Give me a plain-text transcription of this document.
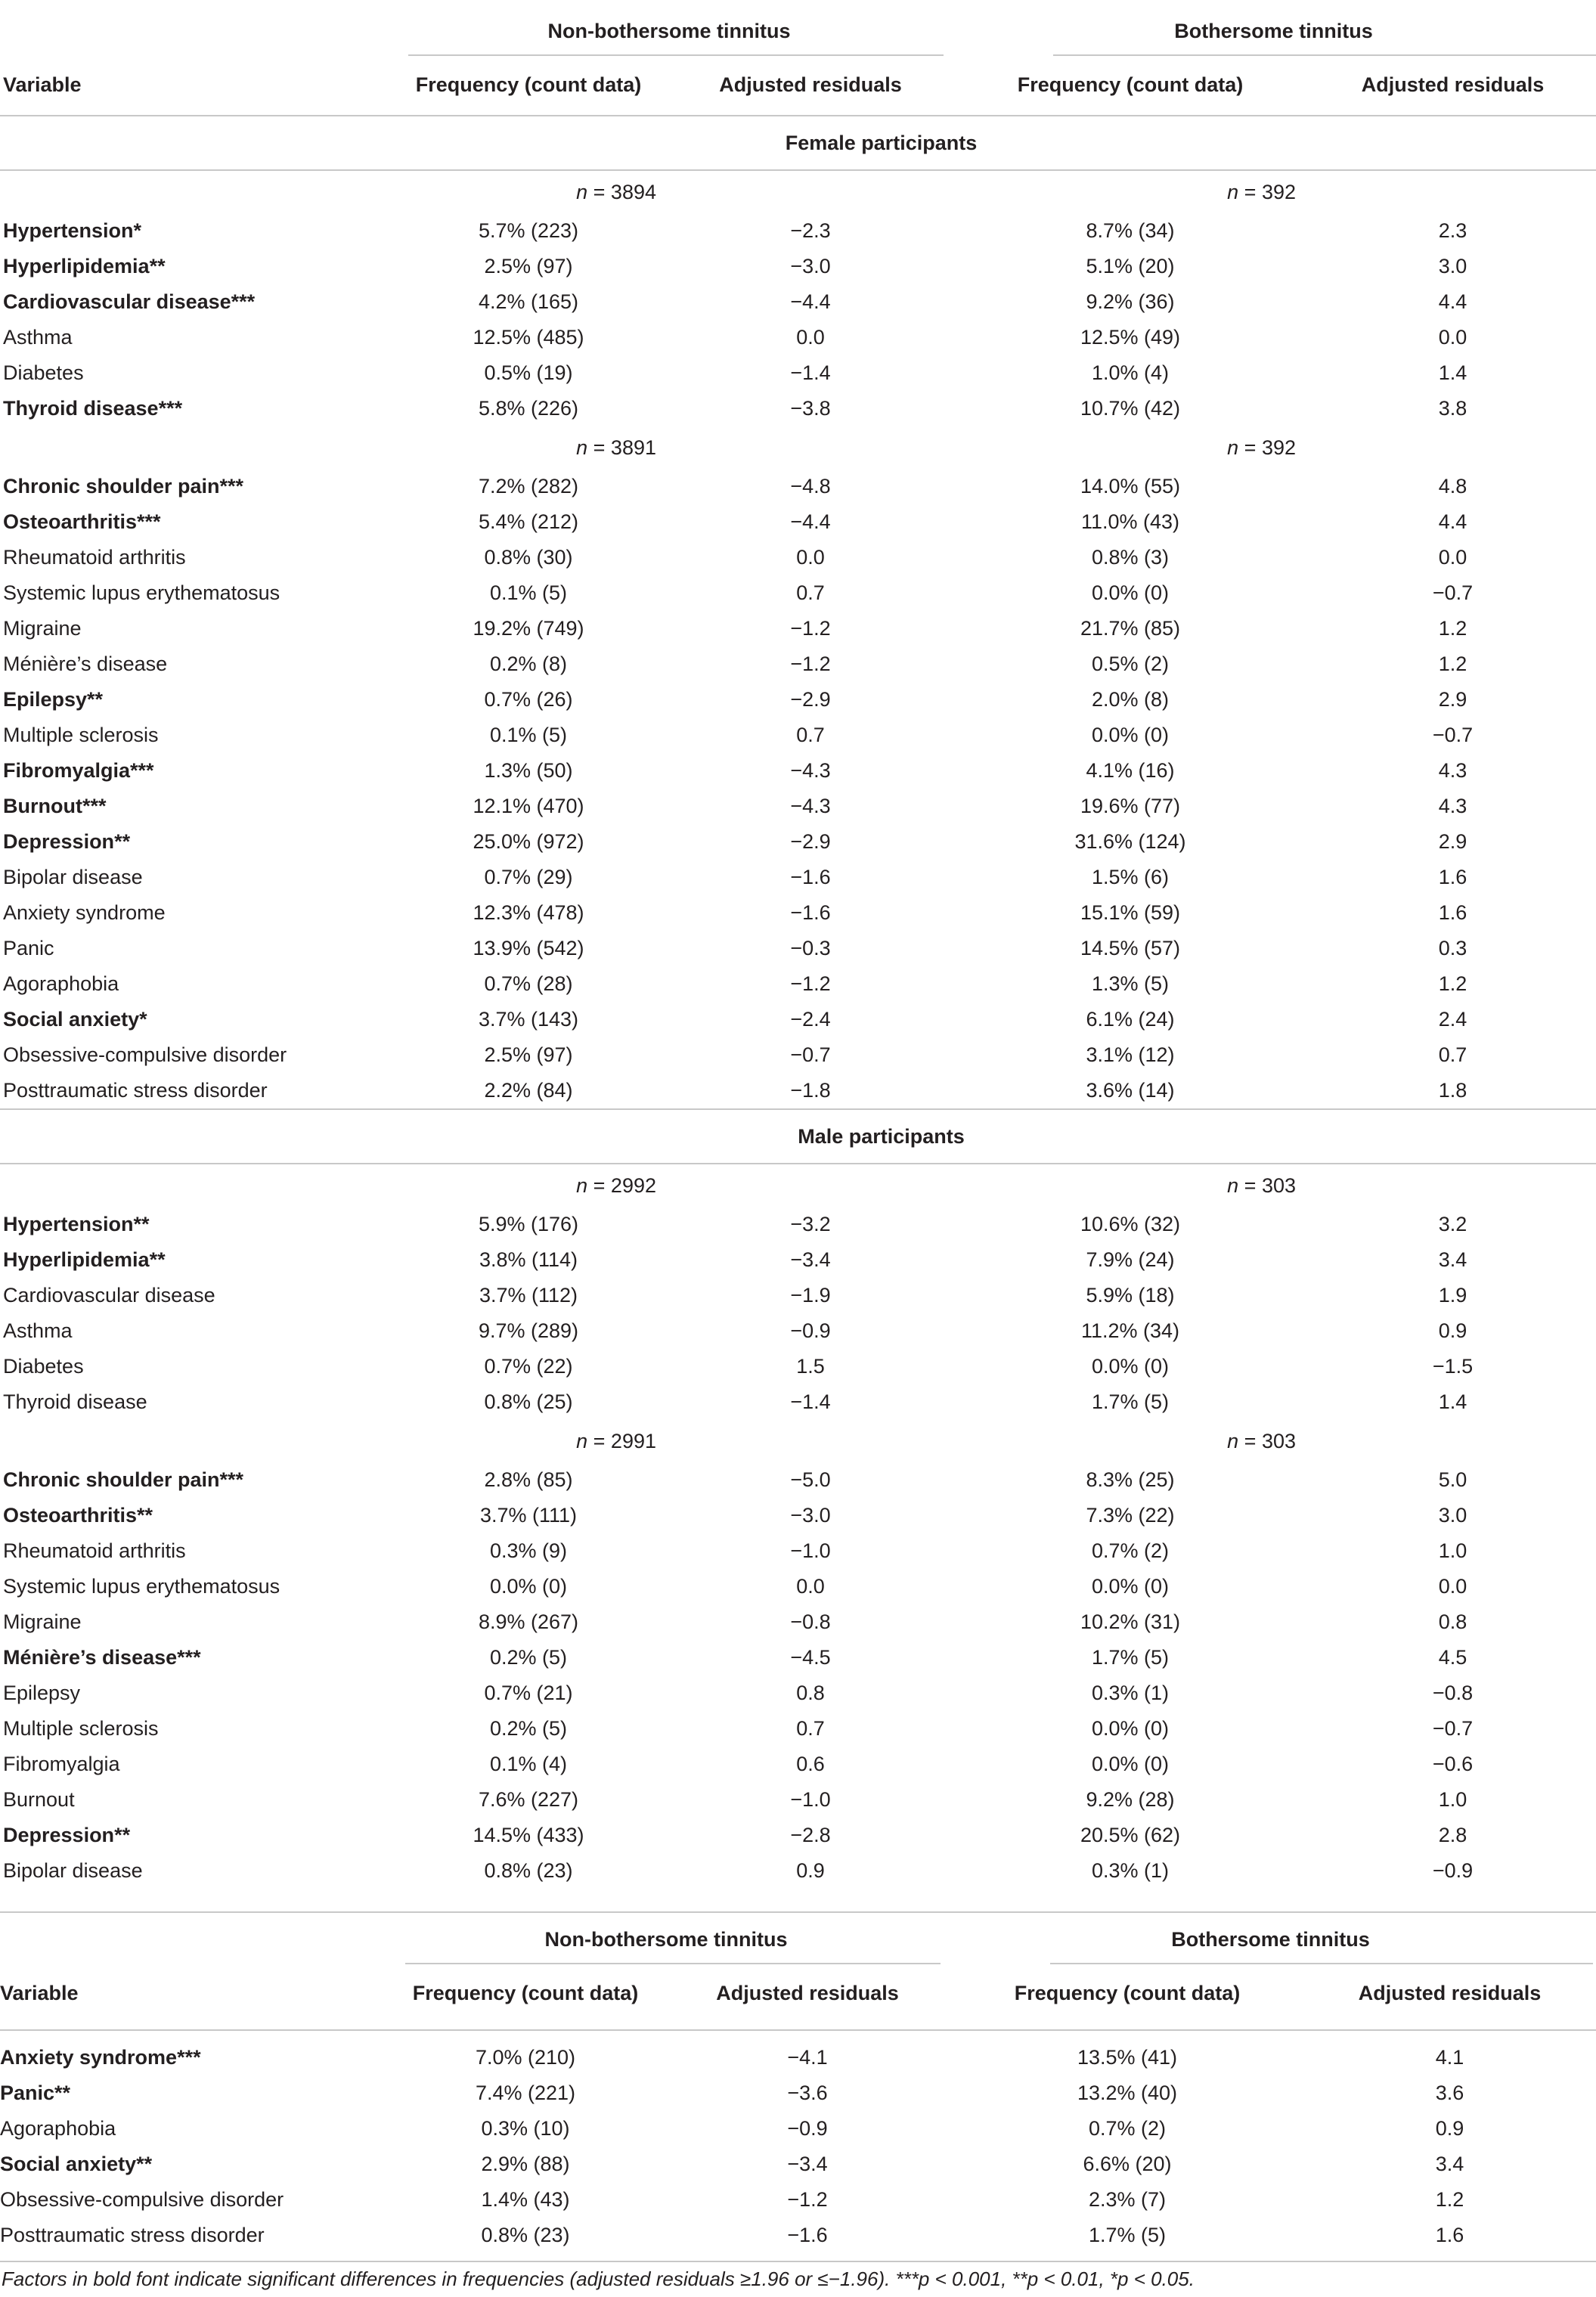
	Non-bothersome tinnitus		Bothersome tinnitus	
Variable	Frequency (count data)	Adjusted residuals	Frequency (count data)	Adjusted residuals
Female participants				
	n = 3894		n = 392	
Hypertension*	5.7% (223)	−2.3	8.7% (34)	2.3
Hyperlipidemia**	2.5% (97)	−3.0	5.1% (20)	3.0
Cardiovascular disease***	4.2% (165)	−4.4	9.2% (36)	4.4
Asthma	12.5% (485)	0.0	12.5% (49)	0.0
Diabetes	0.5% (19)	−1.4	1.0% (4)	1.4
Thyroid disease***	5.8% (226)	−3.8	10.7% (42)	3.8
	n = 3891		n = 392	
Chronic shoulder pain***	7.2% (282)	−4.8	14.0% (55)	4.8
Osteoarthritis***	5.4% (212)	−4.4	11.0% (43)	4.4
Rheumatoid arthritis	0.8% (30)	0.0	0.8% (3)	0.0
Systemic lupus erythematosus	0.1% (5)	0.7	0.0% (0)	−0.7
Migraine	19.2% (749)	−1.2	21.7% (85)	1.2
Ménière’s disease	0.2% (8)	−1.2	0.5% (2)	1.2
Epilepsy**	0.7% (26)	−2.9	2.0% (8)	2.9
Multiple sclerosis	0.1% (5)	0.7	0.0% (0)	−0.7
Fibromyalgia***	1.3% (50)	−4.3	4.1% (16)	4.3
Burnout***	12.1% (470)	−4.3	19.6% (77)	4.3
Depression**	25.0% (972)	−2.9	31.6% (124)	2.9
Bipolar disease	0.7% (29)	−1.6	1.5% (6)	1.6
Anxiety syndrome	12.3% (478)	−1.6	15.1% (59)	1.6
Panic	13.9% (542)	−0.3	14.5% (57)	0.3
Agoraphobia	0.7% (28)	−1.2	1.3% (5)	1.2
Social anxiety*	3.7% (143)	−2.4	6.1% (24)	2.4
Obsessive-compulsive disorder	2.5% (97)	−0.7	3.1% (12)	0.7
Posttraumatic stress disorder	2.2% (84)	−1.8	3.6% (14)	1.8
Male participants				
	n = 2992		n = 303	
Hypertension**	5.9% (176)	−3.2	10.6% (32)	3.2
Hyperlipidemia**	3.8% (114)	−3.4	7.9% (24)	3.4
Cardiovascular disease	3.7% (112)	−1.9	5.9% (18)	1.9
Asthma	9.7% (289)	−0.9	11.2% (34)	0.9
Diabetes	0.7% (22)	1.5	0.0% (0)	−1.5
Thyroid disease	0.8% (25)	−1.4	1.7% (5)	1.4
	n = 2991		n = 303	
Chronic shoulder pain***	2.8% (85)	−5.0	8.3% (25)	5.0
Osteoarthritis**	3.7% (111)	−3.0	7.3% (22)	3.0
Rheumatoid arthritis	0.3% (9)	−1.0	0.7% (2)	1.0
Systemic lupus erythematosus	0.0% (0)	0.0	0.0% (0)	0.0
Migraine	8.9% (267)	−0.8	10.2% (31)	0.8
Ménière’s disease***	0.2% (5)	−4.5	1.7% (5)	4.5
Epilepsy	0.7% (21)	0.8	0.3% (1)	−0.8
Multiple sclerosis	0.2% (5)	0.7	0.0% (0)	−0.7
Fibromyalgia	0.1% (4)	0.6	0.0% (0)	−0.6
Burnout	7.6% (227)	−1.0	9.2% (28)	1.0
Depression**	14.5% (433)	−2.8	20.5% (62)	2.8
Bipolar disease	0.8% (23)	0.9	0.3% (1)	−0.9
	Non-bothersome tinnitus		Bothersome tinnitus	
Variable	Frequency (count data)	Adjusted residuals	Frequency (count data)	Adjusted residuals
Anxiety syndrome***	7.0% (210)	−4.1	13.5% (41)	4.1
Panic**	7.4% (221)	−3.6	13.2% (40)	3.6
Agoraphobia	0.3% (10)	−0.9	0.7% (2)	0.9
Social anxiety**	2.9% (88)	−3.4	6.6% (20)	3.4
Obsessive-compulsive disorder	1.4% (43)	−1.2	2.3% (7)	1.2
Posttraumatic stress disorder	0.8% (23)	−1.6	1.7% (5)	1.6
Factors in bold font indicate significant differences in frequencies (adjusted residuals ≥1.96 or ≤−1.96). ***p < 0.001, **p < 0.01, *p < 0.05.
